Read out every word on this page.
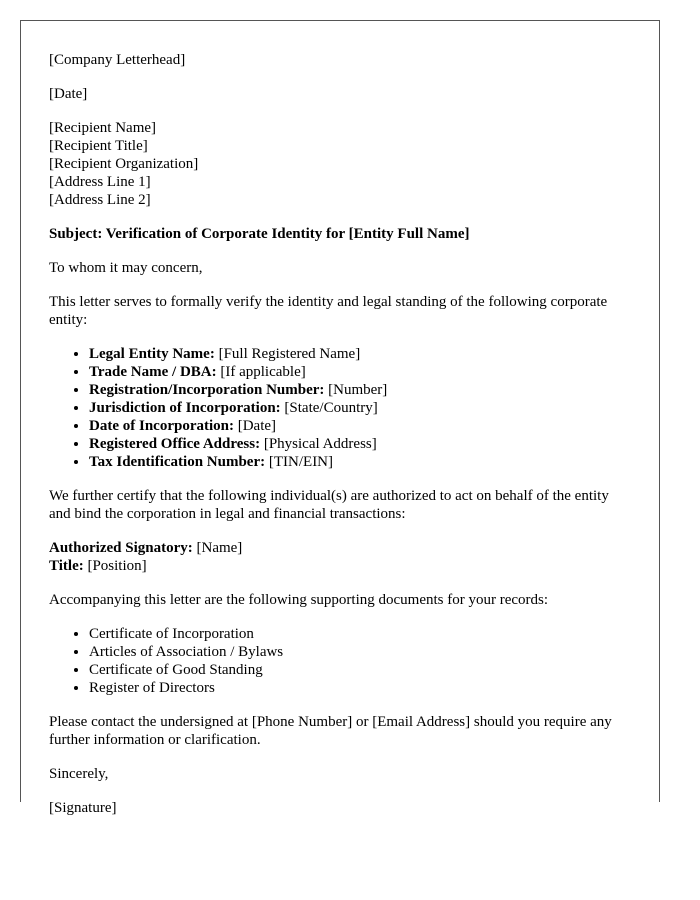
[Company Letterhead]

[Date]

[Recipient Name]
[Recipient Title]
[Recipient Organization]
[Address Line 1]
[Address Line 2]

Subject: Verification of Corporate Identity for [Entity Full Name]

To whom it may concern,

This letter serves to formally verify the identity and legal standing of the following corporate entity:

• Legal Entity Name: [Full Registered Name]
• Trade Name / DBA: [If applicable]
• Registration/Incorporation Number: [Number]
• Jurisdiction of Incorporation: [State/Country]
• Date of Incorporation: [Date]
• Registered Office Address: [Physical Address]
• Tax Identification Number: [TIN/EIN]

We further certify that the following individual(s) are authorized to act on behalf of the entity and bind the corporation in legal and financial transactions:

Authorized Signatory: [Name]
Title: [Position]

Accompanying this letter are the following supporting documents for your records:

• Certificate of Incorporation
• Articles of Association / Bylaws
• Certificate of Good Standing
• Register of Directors

Please contact the undersigned at [Phone Number] or [Email Address] should you require any further information or clarification.

Sincerely,

[Signature]
